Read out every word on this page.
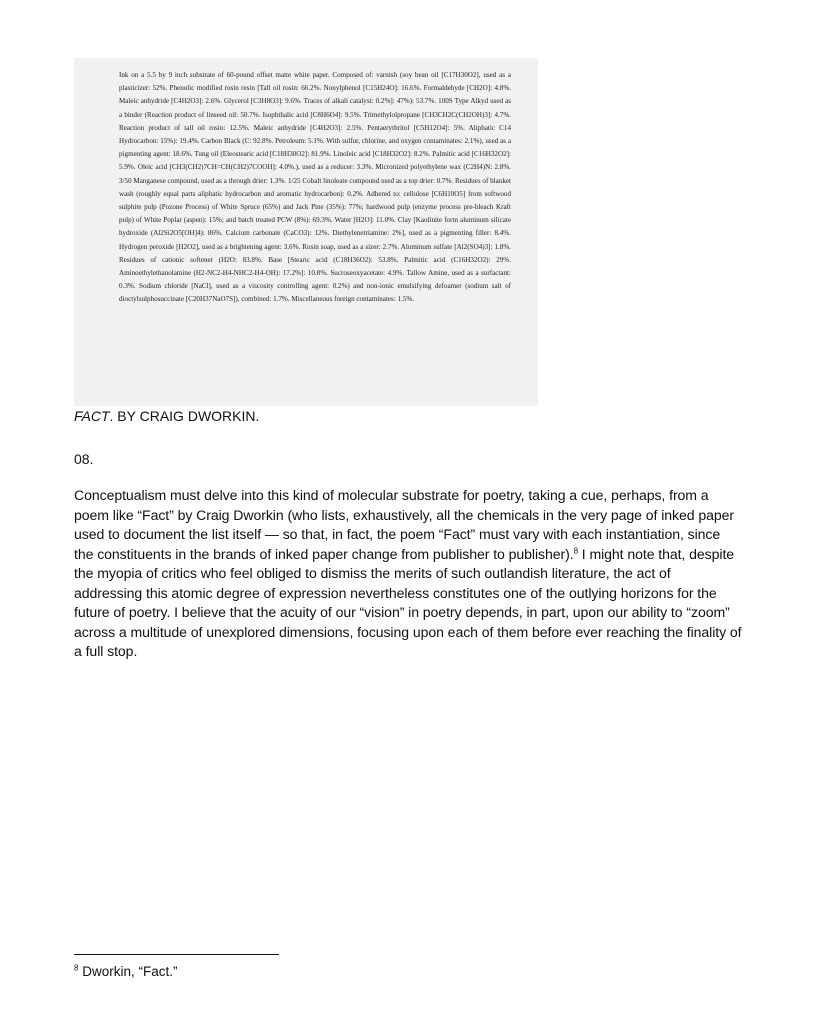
Ink on a 5.5 by 9 inch substrate of 60-pound offset matte white paper. Composed of: varnish (soy bean oil [C17H30O2], used as a plasticizer: 52%. Phenolic modified rosin resin [Tall oil rosin: 66.2%. Nonylphenol [C15H24O]: 16.6%. Formaldehyde [CH2O]: 4.8%. Maleic anhydride [C4H2O3]: 2.6%. Glycerol [C3H8O3]: 9.6%. Traces of alkali catalyst: 0.2%]: 47%): 53.7%. 100S Type Alkyd used as a binder (Reaction product of linseed oil: 50.7%. Isophthalic acid [C8H6O4]: 9.5%. Trimethylolpropane [CH3CH2C(CH2OH)3]: 4.7%. Reaction product of tall oil rosin: 12.5%. Maleic anhydride [C4H2O3]: 2.5%. Pentaerythritol [C5H12O4]: 5%. Aliphatic C14 Hydrocarbon: 15%): 19.4%. Carbon Black (C: 92.8%. Petroleum: 5.1%. With sulfur, chlorine, and oxygen contaminates: 2.1%), used as a pigmenting agent: 18.6%. Tung oil (Eleostearic acid [C18H30O2]: 81.9%. Linoleic acid [C18H32O2]: 8.2%. Palmitic acid [C16H32O2]: 5.9%. Oleic acid [CH3(CH2)7CH=CH(CH2)7COOH]: 4.0%.), used as a reducer: 3.3%. Micronized polyethylene wax (C2H4)N: 2.8%. 3/50 Manganese compound, used as a through drier: 1.3%. 1/25 Cobalt linoleate compound used as a top drier: 0.7%. Residues of blanket wash (roughly equal parts aliphatic hydrocarbon and aromatic hydrocarbon): 0.2%. Adhered to: cellulose [C6H10O5] from softwood sulphite pulp (Pozone Process) of White Spruce (65%) and Jack Pine (35%): 77%; hardwood pulp (enzyme process pre-bleach Kraft pulp) of White Poplar (aspen): 15%; and batch treated PCW (8%): 69.3%. Water [H2O]: 11.0%. Clay [Kaolinite form aluminum silicate hydroxide (Al2Si2O5[OH]4): 86%. Calcium carbonate (CaCO3): 12%. Diethylenetriamine: 2%], used as a pigmenting filler: 8.4%. Hydrogen peroxide [H2O2], used as a brightening agent: 3.6%. Rosin soap, used as a sizer: 2.7%. Aluminum sulfate [Al2(SO4)3]: 1.8%. Residues of cationic softener (H2O: 83.8%. Base [Stearic acid (C18H36O2): 53.8%. Palmitic acid (C16H32O2): 29%. Aminoethylethanolamine (H2-NC2-H4-NHC2-H4-OH): 17.2%]: 10.8%. Sucroseoxyacetate: 4.9%. Tallow Amine, used as a surfactant: 0.3%. Sodium chloride [NaCl], used as a viscosity controlling agent: 0.2%) and non-ionic emulsifying defoamer (sodium salt of dioctylsulphosuccinate [C20H37NaO7S]), combined: 1.7%. Miscellaneous foreign contaminates: 1.5%.

FACT. BY CRAIG DWORKIN.

08.

Conceptualism must delve into this kind of molecular substrate for poetry, taking a cue, perhaps, from a poem like “Fact” by Craig Dworkin (who lists, exhaustively, all the chemicals in the very page of inked paper used to document the list itself — so that, in fact, the poem “Fact” must vary with each instantiation, since the constituents in the brands of inked paper change from publisher to publisher).$^8$ I might note that, despite the myopia of critics who feel obliged to dismiss the merits of such outlandish literature, the act of addressing this atomic degree of expression nevertheless constitutes one of the outlying horizons for the future of poetry. I believe that the acuity of our “vision” in poetry depends, in part, upon our ability to “zoom” across a multitude of unexplored dimensions, focusing upon each of them before ever reaching the finality of a full stop.

$^8$ Dworkin, “Fact.”
